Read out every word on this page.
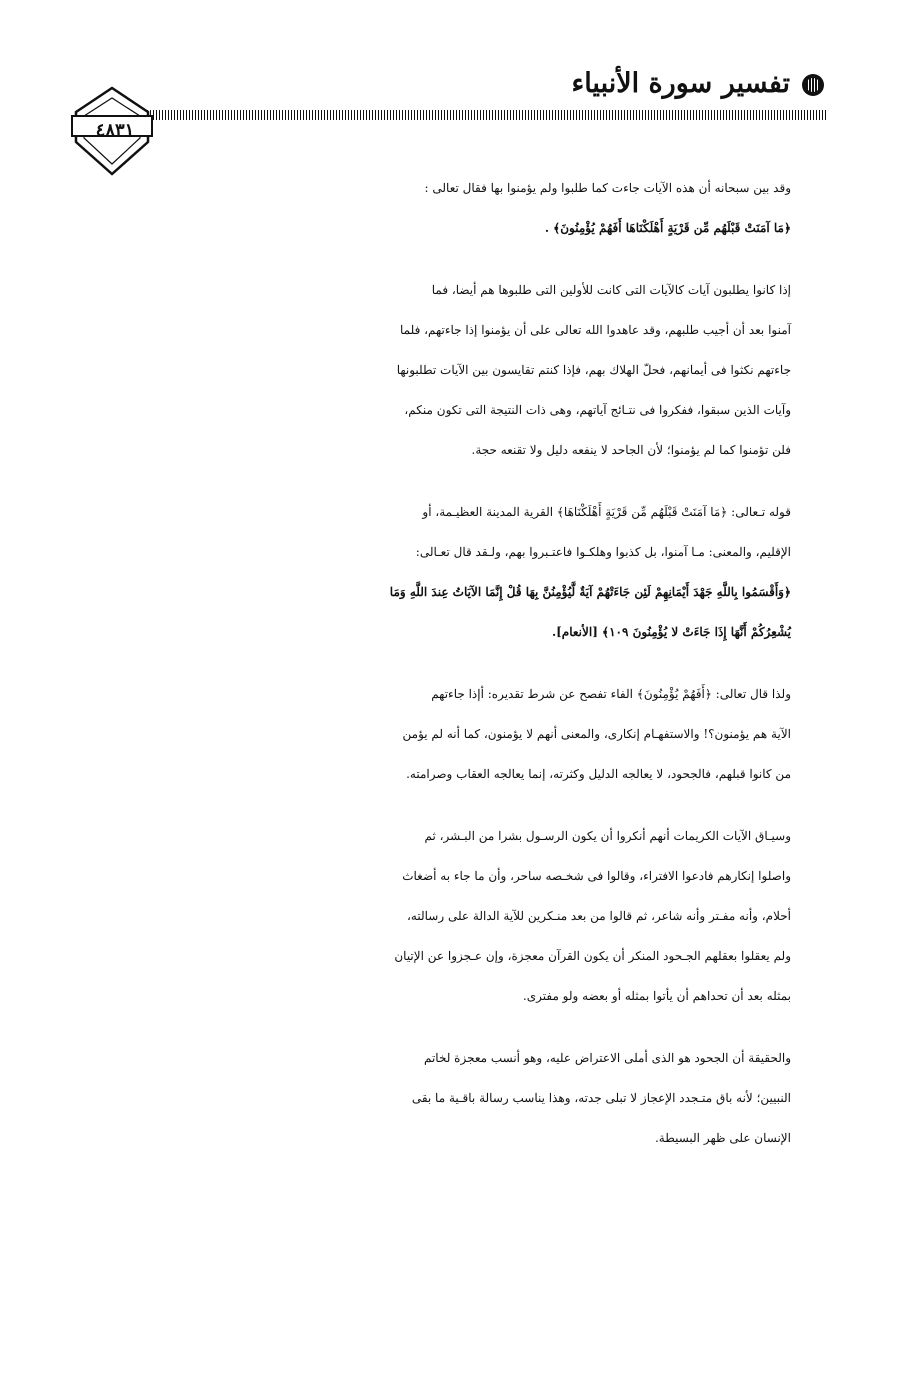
تفسير سورة الأنبياء
٤٨٣١
وقد بين سبحانه أن هذه الآيات جاءت كما طلبوا ولم يؤمنوا بها فقال تعالى :
﴿مَا آمَنَتْ قَبْلَهُم مِّن قَرْيَةٍ أَهْلَكْنَاهَا أَفَهُمْ يُؤْمِنُونَ﴾ .
إذا كانوا يطلبون آيات كالآيات التى كانت للأولين التى طلبوها هم أيضا، فما
آمنوا بعد أن أجيب طلبهم، وقد عاهدوا الله تعالى على أن يؤمنوا إذا جاءتهم، فلما
جاءتهم نكثوا فى أيمانهم، فحلّ الهلاك بهم، فإذا كنتم تقايسون بين الآيات تطلبونها
وآيات الذين سبقوا، ففكروا فى نتـائج آياتهم، وهى ذات النتيجة التى تكون منكم،
فلن تؤمنوا كما لم يؤمنوا؛ لأن الجاحد لا ينفعه دليل ولا تقنعه حجة.
قوله تـعالى: ﴿مَا آمَنَتْ قَبْلَهُم مِّن قَرْيَةٍ أَهْلَكْنَاهَا﴾ القرية المدينة العظيـمة، أو
الإقليم، والمعنى: مـا آمنوا، بل كذبوا وهلكـوا فاعتـبروا بهم، ولـقد قال تعـالى:
﴿وَأَقْسَمُوا بِاللَّهِ جَهْدَ أَيْمَانِهِمْ لَئِن جَاءَتْهُمْ آيَةٌ لَّيُؤْمِنُنَّ بِهَا قُلْ إِنَّمَا الآيَاتُ عِندَ اللَّهِ وَمَا
يُشْعِرُكُمْ أَنَّهَا إِذَا جَاءَتْ لا يُؤْمِنُونَ ١٠٩﴾ [الأنعام].
ولذا قال تعالى: ﴿أَفَهُمْ يُؤْمِنُونَ﴾ الفاء تفصح عن شرط تقديره: أإذا جاءتهم
الآية هم يؤمنون؟! والاستفهـام إنكارى، والمعنى أنهم لا يؤمنون، كما أنه لم يؤمن
من كانوا قبلهم، فالجحود، لا يعالجه الدليل وكثرته، إنما يعالجه العقاب وصرامته.
وسيـاق الآيات الكريمات أنهم أنكروا أن يكون الرسـول بشرا من البـشر، ثم
واصلوا إنكارهم فادعوا الافتراء، وقالوا فى شخـصه ساحر، وأن ما جاء به أضغاث
أحلام، وأنه مفـتر وأنه شاعر، ثم قالوا من بعد منـكرين للآية الدالة على رسالته،
ولم يعقلوا بعقلهم الجـحود المنكر أن يكون القرآن معجزة، وإن عـجزوا عن الإتيان
بمثله بعد أن تحداهم أن يأتوا بمثله أو بعضه ولو مفترى.
والحقيقة أن الجحود هو الذى أملى الاعتراض عليه، وهو أنسب معجزة لخاتم
النبيين؛ لأنه باق متـجدد الإعجاز لا تبلى جدته، وهذا يناسب رسالة باقـية ما بقى
الإنسان على ظهر البسيطة.
